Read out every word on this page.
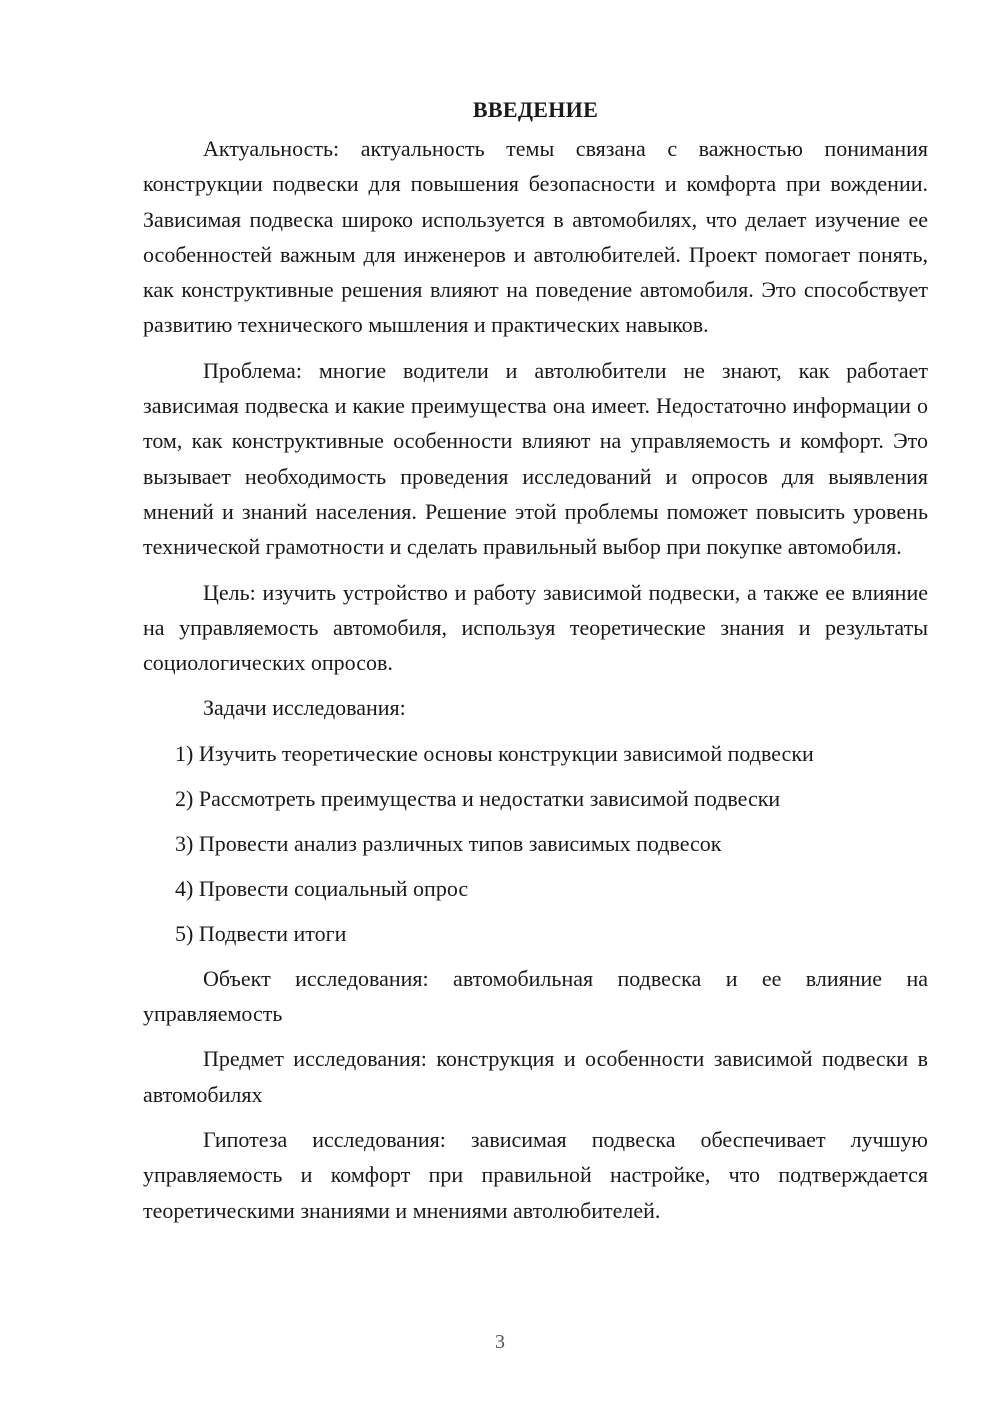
ВВЕДЕНИЕ

Актуальность: актуальность темы связана с важностью понимания конструкции подвески для повышения безопасности и комфорта при вождении. Зависимая подвеска широко используется в автомобилях, что делает изучение ее особенностей важным для инженеров и автолюбителей. Проект помогает понять, как конструктивные решения влияют на поведение автомобиля. Это способствует развитию технического мышления и практических навыков.

Проблема: многие водители и автолюбители не знают, как работает зависимая подвеска и какие преимущества она имеет. Недостаточно информации о том, как конструктивные особенности влияют на управляемость и комфорт. Это вызывает необходимость проведения исследований и опросов для выявления мнений и знаний населения. Решение этой проблемы поможет повысить уровень технической грамотности и сделать правильный выбор при покупке автомобиля.

Цель: изучить устройство и работу зависимой подвески, а также ее влияние на управляемость автомобиля, используя теоретические знания и результаты социологических опросов.

Задачи исследования:

1) Изучить теоретические основы конструкции зависимой подвески
2) Рассмотреть преимущества и недостатки зависимой подвески
3) Провести анализ различных типов зависимых подвесок
4) Провести социальный опрос
5) Подвести итоги

Объект исследования: автомобильная подвеска и ее влияние на управляемость

Предмет исследования: конструкция и особенности зависимой подвески в автомобилях

Гипотеза исследования: зависимая подвеска обеспечивает лучшую управляемость и комфорт при правильной настройке, что подтверждается теоретическими знаниями и мнениями автолюбителей.

3
